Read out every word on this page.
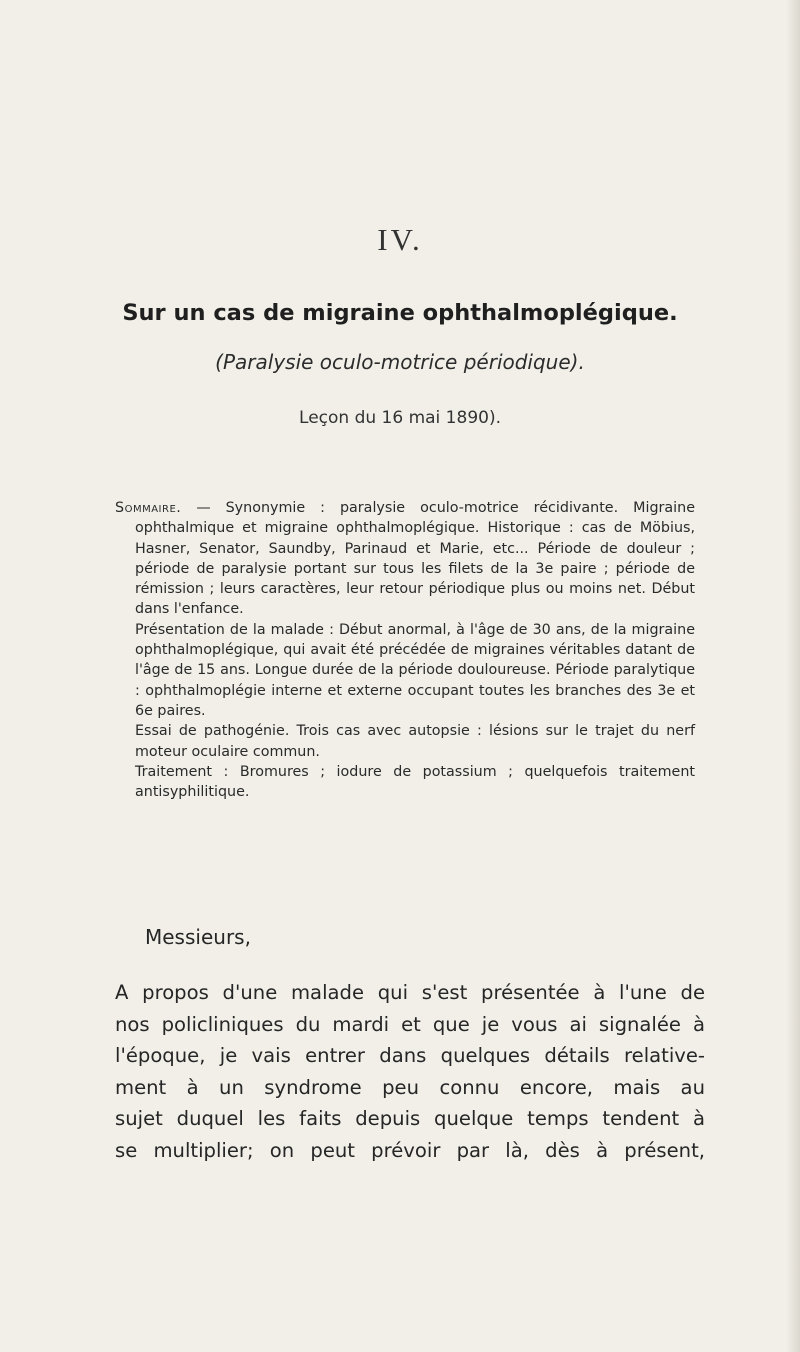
IV.
Sur un cas de migraine ophthalmoplégique.
(Paralysie oculo-motrice périodique).
Leçon du 16 mai 1890).

Sommaire. — Synonymie : paralysie oculo-motrice récidivante. Migraine ophthalmique et migraine ophthalmoplégique. Historique : cas de Möbius, Hasner, Senator, Saundby, Parinaud et Marie, etc... Période de douleur ; période de paralysie portant sur tous les filets de la 3e paire ; période de rémission ; leurs caractères, leur retour périodique plus ou moins net. Début dans l'enfance.

Présentation de la malade : Début anormal, à l'âge de 30 ans, de la migraine ophthalmoplégique, qui avait été précédée de migraines véritables datant de l'âge de 15 ans. Longue durée de la période douloureuse. Période paralytique : ophthalmoplégie interne et externe occupant toutes les branches des 3e et 6e paires.

Essai de pathogénie. Trois cas avec autopsie : lésions sur le trajet du nerf moteur oculaire commun.

Traitement : Bromures ; iodure de potassium ; quelquefois traitement antisyphilitique.

Messieurs,
A propos d'une malade qui s'est présentée à l'une de
nos policliniques du mardi et que je vous ai signalée à
l'époque, je vais entrer dans quelques détails relative-
ment à un syndrome peu connu encore, mais au
sujet duquel les faits depuis quelque temps tendent à
se multiplier; on peut prévoir par là, dès à présent,
